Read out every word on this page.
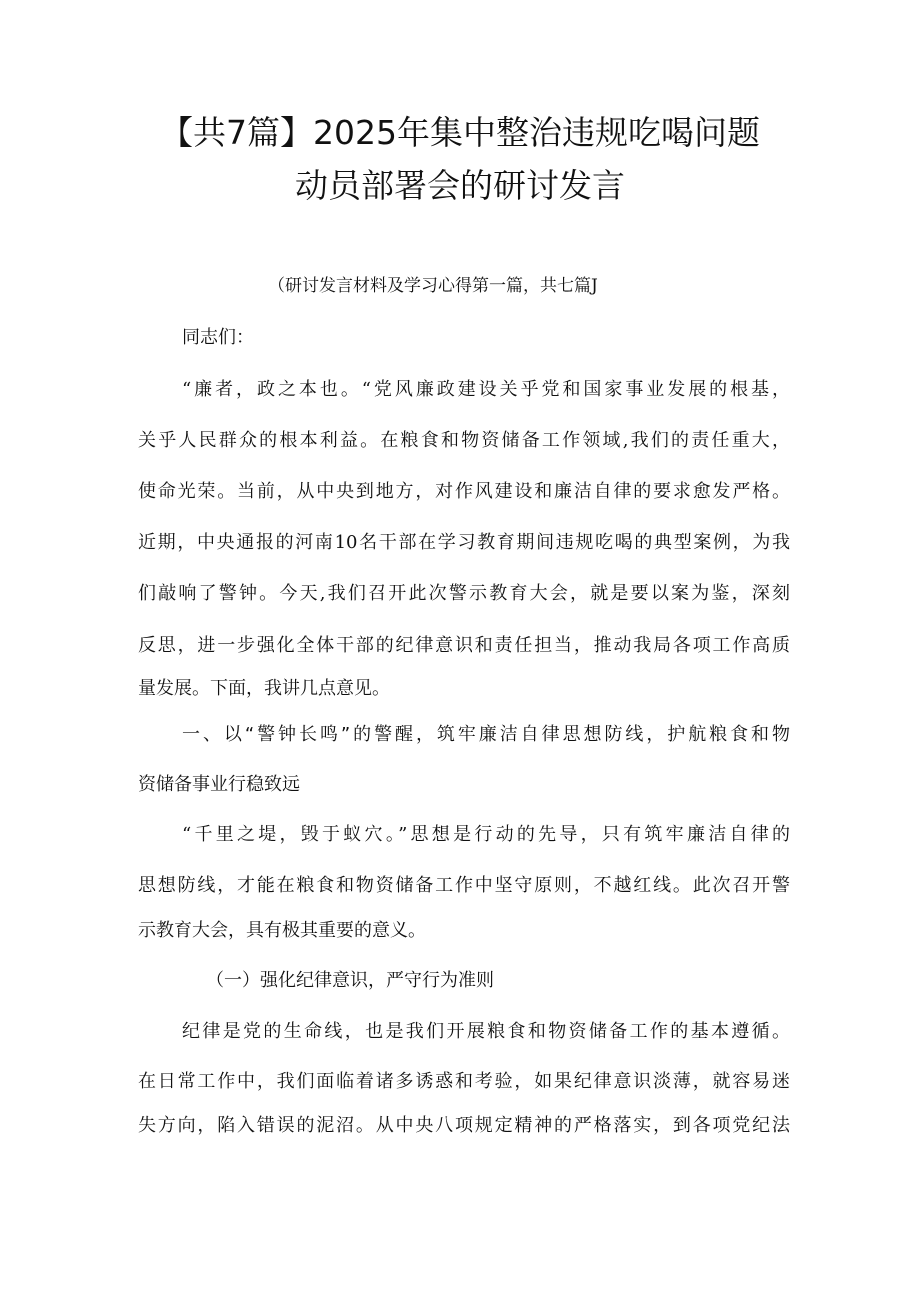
【共7篇】2025年集中整治违规吃喝问题
动员部署会的研讨发言
（研讨发言材料及学习心得第一篇，共七篇J
同志们：
“廉者，政之本也。“党风廉政建设关乎党和国家事业发展的根基，
关乎人民群众的根本利益。在粮食和物资储备工作领域,我们的责任重大，
使命光荣。当前，从中央到地方，对作风建设和廉洁自律的要求愈发严格。
近期，中央通报的河南10名干部在学习教育期间违规吃喝的典型案例，为我
们敲响了警钟。今天,我们召开此次警示教育大会，就是要以案为鉴，深刻
反思，进一步强化全体干部的纪律意识和责任担当，推动我局各项工作高质
量发展。下面，我讲几点意见。
一、以“警钟长鸣”的警醒，筑牢廉洁自律思想防线，护航粮食和物
资储备事业行稳致远
“千里之堤，毁于蚁穴。”思想是行动的先导，只有筑牢廉洁自律的
思想防线，才能在粮食和物资储备工作中坚守原则，不越红线。此次召开警
示教育大会，具有极其重要的意义。
（一）强化纪律意识，严守行为准则
纪律是党的生命线，也是我们开展粮食和物资储备工作的基本遵循。
在日常工作中，我们面临着诸多诱惑和考验，如果纪律意识淡薄，就容易迷
失方向，陷入错误的泥沼。从中央八项规定精神的严格落实，到各项党纪法
